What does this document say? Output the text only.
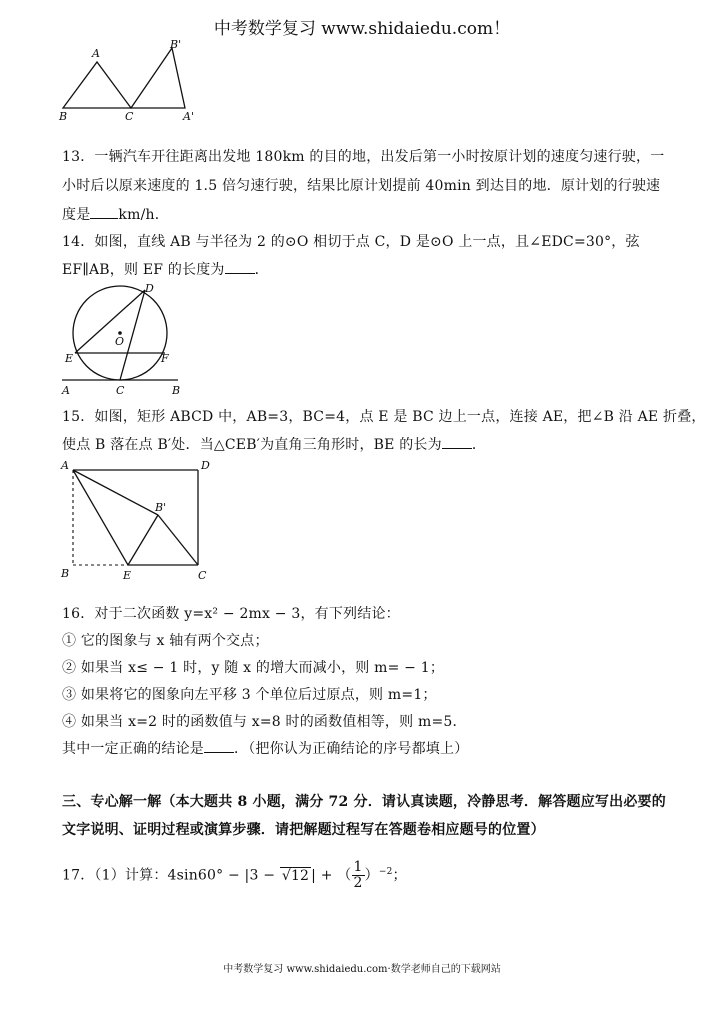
中考数学复习 www.shidaiedu.com！
A
B'
B	C	A'
13．一辆汽车开往距离出发地 180km 的目的地，出发后第一小时按原计划的速度匀速行驶，一
小时后以原来速度的 1.5 倍匀速行驶，结果比原计划提前 40min 到达目的地．原计划的行驶速
度是 km/h．
14．如图，直线 AB 与半径为 2 的⊙O 相切于点 C，D 是⊙O 上一点，且∠EDC=30°，弦
EF∥AB，则 EF 的长度为 ．
D
O
E	F
A	C	B
15．如图，矩形 ABCD 中，AB=3，BC=4，点 E 是 BC 边上一点，连接 AE，把∠B 沿 AE 折叠，
使点 B 落在点 B′处．当△CEB′为直角三角形时，BE 的长为 ．
A	D
B'
B	E	C
16．对于二次函数 y=x² − 2mx − 3，有下列结论：
① 它的图象与 x 轴有两个交点；
② 如果当 x≤ − 1 时，y 随 x 的增大而减小，则 m= − 1；
③ 如果将它的图象向左平移 3 个单位后过原点，则 m=1；
④ 如果当 x=2 时的函数值与 x=8 时的函数值相等，则 m=5．
其中一定正确的结论是 ．（把你认为正确结论的序号都填上）
三、专心解一解（本大题共 8 小题，满分 72 分．请认真读题，冷静思考．解答题应写出必要的
文字说明、证明过程或演算步骤．请把解题过程写在答题卷相应题号的位置）
17．（1）计算：4sin60° − |3 − √12 | + （ $\frac{1}{2} )^{-2}$；
中考数学复习 www.shidaiedu.com·数学老师自己的下载网站
